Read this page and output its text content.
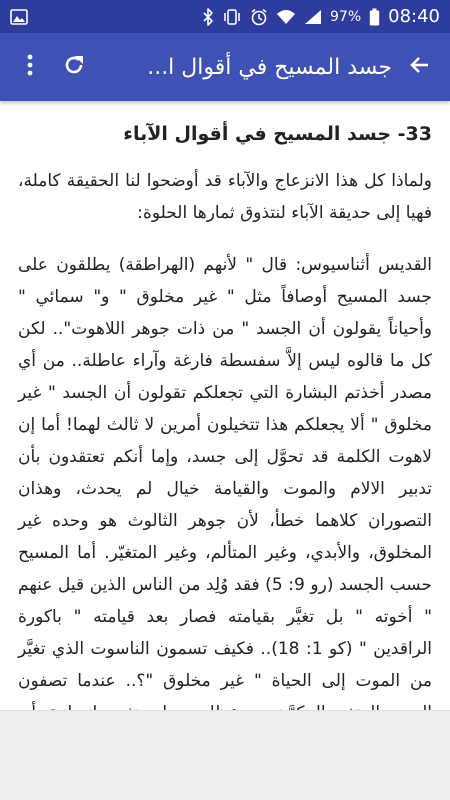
97% 08:40
جسد المسيح في أقوال ا...
33- جسد المسيح في أقوال الآباء

ولماذا كل هذا الانزعاج والآباء قد أوضحوا لنا الحقيقة كاملة، فهيا إلى حديقة الآباء لنتذوق ثمارها الحلوة:

القديس أثناسيوس: قال " لأنهم (الهراطقة) يطلقون على جسد المسيح أوصافاً مثل " غير مخلوق " و" سمائي " وأحياناً يقولون أن الجسد " من ذات جوهر اللاهوت".. لكن كل ما قالوه ليس إلاَّ سفسطة فارغة وآراء عاطلة.. من أي مصدر أخذتم البشارة التي تجعلكم تقولون أن الجسد " غير مخلوق " ألا يجعلكم هذا تتخيلون أمرين لا ثالث لهما! أما إن لاهوت الكلمة قد تحوَّل إلى جسد، وإما أنكم تعتقدون بأن تدبير الالام والموت والقيامة خيال لم يحدث، وهذان التصوران كلاهما خطأ، لأن جوهر الثالوث هو وحده غير المخلوق، والأبدي، وغير المتألم، وغير المتغيّر. أما المسيح حسب الجسد (رو 9: 5) فقد وُلِد من الناس الذين قيل عنهم " أخوته " بل تغيَّر بقيامته فصار بعد قيامته " باكورة الراقدين " (كو 1: 18).. فكيف تسمون الناسوت الذي تغيَّر من الموت إلى الحياة " غير مخلوق "؟.. عندما تصفون
